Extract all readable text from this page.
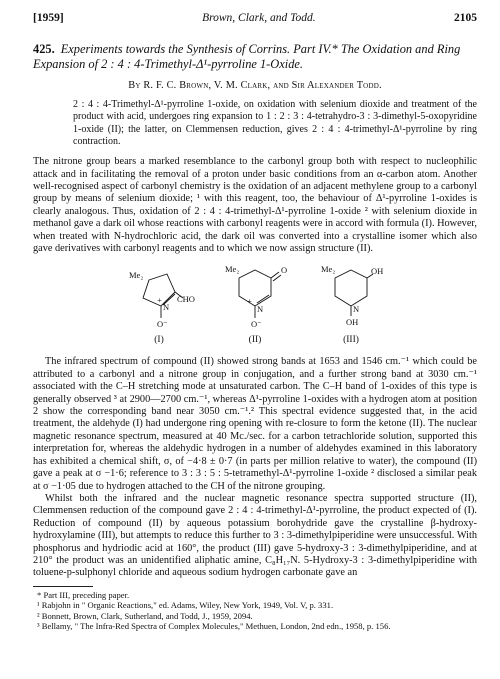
[1959]	Brown, Clark, and Todd.	2105
425. Experiments towards the Synthesis of Corrins. Part IV.* The Oxidation and Ring Expansion of 2 : 4 : 4-Trimethyl-Δ¹-pyrroline 1-Oxide.
By R. F. C. Brown, V. M. Clark, and Sir Alexander Todd.
2 : 4 : 4-Trimethyl-Δ¹-pyrroline 1-oxide, on oxidation with selenium dioxide and treatment of the product with acid, undergoes ring expansion to 1 : 2 : 3 : 4-tetrahydro-3 : 3-dimethyl-5-oxopyridine 1-oxide (II); the latter, on Clemmensen reduction, gives 2 : 4 : 4-trimethyl-Δ¹-pyrroline by ring contraction.

The nitrone group bears a marked resemblance to the carbonyl group both with respect to nucleophilic attack and in facilitating the removal of a proton under basic conditions from an α-carbon atom. Another well-recognised aspect of carbonyl chemistry is the oxidation of an adjacent methylene group to a carbonyl group by means of selenium dioxide; ¹ with this reagent, too, the behaviour of Δ¹-pyrroline 1-oxides is clearly analogous. Thus, oxidation of 2 : 4 : 4-trimethyl-Δ¹-pyrroline 1-oxide ² with selenium dioxide in methanol gave a dark oil whose reactions with carbonyl reagents were in accord with formula (I). However, when treated with N-hydrochloric acid, the dark oil was converted into a crystalline isomer which also gave derivatives with carbonyl reagents and to which we now assign structure (II).

Me₂
+
N
CHO
O⁻
(I)
Me₂	O
+
N
O⁻
(II)
Me₂	OH
N
OH
(III)

The infrared spectrum of compound (II) showed strong bands at 1653 and 1546 cm.⁻¹ which could be attributed to a carbonyl and a nitrone group in conjugation, and a further strong band at 3030 cm.⁻¹ associated with the C–H stretching mode at unsaturated carbon. The C–H band of 1-oxides of this type is generally observed ³ at 2900—2700 cm.⁻¹, whereas Δ¹-pyrroline 1-oxides with a hydrogen atom at position 2 show the corresponding band near 3050 cm.⁻¹.² This spectral evidence suggested that, in the acid treatment, the aldehyde (I) had undergone ring opening with re-closure to form the ketone (II). The nuclear magnetic resonance spectrum, measured at 40 Mc./sec. for a carbon tetrachloride solution, supported this interpretation for, whereas the aldehydic hydrogen in a number of aldehydes examined in this laboratory has exhibited a chemical shift, σ, of −4·8 ± 0·7 (in parts per million relative to water), the compound (II) gave a peak at σ −1·6; reference to 3 : 3 : 5 : 5-tetramethyl-Δ¹-pyrroline 1-oxide ² disclosed a similar peak at σ −1·05 due to hydrogen attached to the CH of the nitrone grouping.

Whilst both the infrared and the nuclear magnetic resonance spectra supported structure (II), Clemmensen reduction of the compound gave 2 : 4 : 4-trimethyl-Δ¹-pyrroline, the product expected of (I). Reduction of compound (II) by aqueous potassium borohydride gave the crystalline β-hydroxy-hydroxylamine (III), but attempts to reduce this further to 3 : 3-dimethylpiperidine were unsuccessful. With phosphorus and hydriodic acid at 160°, the product (III) gave 5-hydroxy-3 : 3-dimethylpiperidine, and at 210° the product was an unidentified aliphatic amine, C₈H₁₇N. 5-Hydroxy-3 : 3-dimethylpiperidine with toluene-p-sulphonyl chloride and aqueous sodium hydrogen carbonate gave an

* Part III, preceding paper.
¹ Rabjohn in " Organic Reactions," ed. Adams, Wiley, New York, 1949, Vol. V, p. 331.
² Bonnett, Brown, Clark, Sutherland, and Todd, J., 1959, 2094.
³ Bellamy, " The Infra-Red Spectra of Complex Molecules," Methuen, London, 2nd edn., 1958, p. 156.
